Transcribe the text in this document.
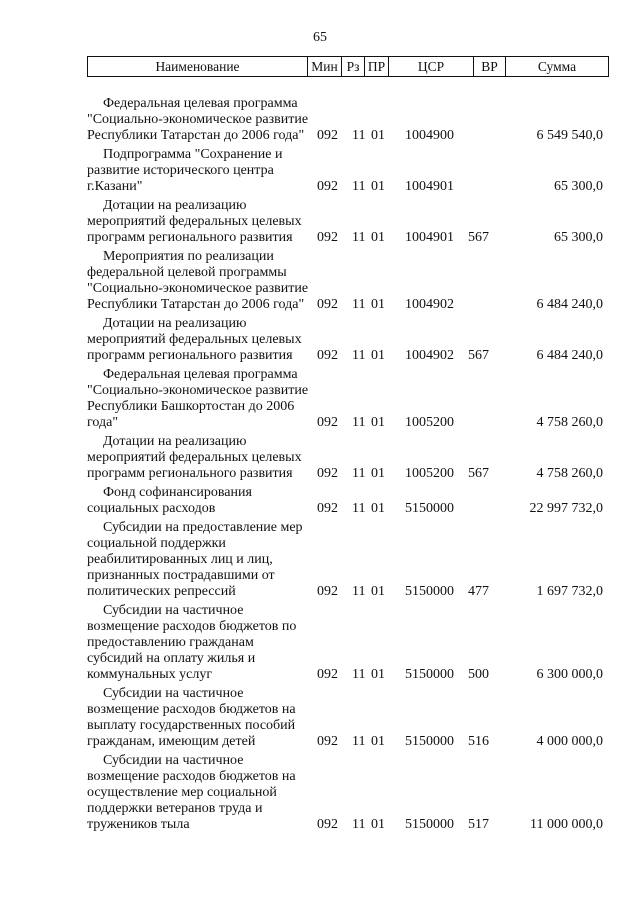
65
Наименование	Мин Рз ПР	ЦСР	ВР	Сумма
Федеральная целевая программа
"Социально-экономическое развитие
Республики Татарстан до 2006 года" 092 11 01 1004900	6 549 540,0
Подпрограмма "Сохранение и
развитие исторического центра
г.Казани"	092 11 01 1004901	65 300,0
Дотации на реализацию
мероприятий федеральных целевых
программ регионального развития	092 11 01 1004901 567	65 300,0
Мероприятия по реализации
федеральной целевой программы
"Социально-экономическое развитие
Республики Татарстан до 2006 года" 092 11 01 1004902	6 484 240,0
Дотации на реализацию
мероприятий федеральных целевых
программ регионального развития	092 11 01 1004902 567	6 484 240,0
Федеральная целевая программа
"Социально-экономическое развитие
Республики Башкортостан до 2006
года"	092 11 01 1005200	4 758 260,0
Дотации на реализацию
мероприятий федеральных целевых
программ регионального развития	092 11 01 1005200 567	4 758 260,0
Фонд софинансирования
социальных расходов	092 11 01 5150000	22 997 732,0
Субсидии на предоставление мер
социальной поддержки
реабилитированных лиц и лиц,
признанных пострадавшими от
политических репрессий	092 11 01 5150000 477	1 697 732,0
Субсидии на частичное
возмещение расходов бюджетов по
предоставлению гражданам
субсидий на оплату жилья и
коммунальных услуг	092 11 01 5150000 500	6 300 000,0
Субсидии на частичное
возмещение расходов бюджетов на
выплату государственных пособий
гражданам, имеющим детей	092 11 01 5150000 516	4 000 000,0
Субсидии на частичное
возмещение расходов бюджетов на
осуществление мер социальной
поддержки ветеранов труда и
тружеников тыла	092 11 01 5150000 517	11 000 000,0
